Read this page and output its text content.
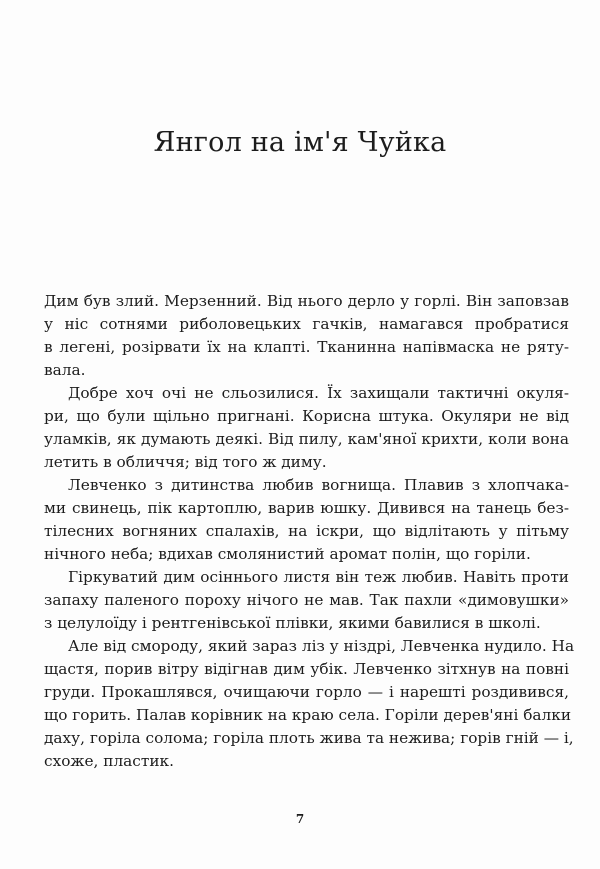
Янгол на ім'я Чуйка
Дим був злий. Мерзенний. Від нього дерло у горлі. Він заповзав
у ніс сотнями риболовецьких гачків, намагався пробратися
в легені, розірвати їх на клапті. Тканинна напівмаска не ряту-
вала.
Добре хоч очі не сльозилися. Їх захищали тактичні окуля-
ри, що були щільно пригнані. Корисна штука. Окуляри не від
уламків, як думають деякі. Від пилу, кам'яної крихти, коли вона
летить в обличчя; від того ж диму.
Левченко з дитинства любив вогнища. Плавив з хлопчака-
ми свинець, пік картоплю, варив юшку. Дивився на танець без-
тілесних вогняних спалахів, на іскри, що відлітають у пітьму
нічного неба; вдихав смолянистий аромат полін, що горіли.
Гіркуватий дим осіннього листя він теж любив. Навіть проти
запаху паленого пороху нічого не мав. Так пахли «димовушки»
з целулоїду і рентгенівської плівки, якими бавилися в школі.
Але від смороду, який зараз ліз у ніздрі, Левченка нудило. На
щастя, порив вітру відігнав дим убік. Левченко зітхнув на повні
груди. Прокашлявся, очищаючи горло — і нарешті роздивився,
що горить. Палав корівник на краю села. Горіли дерев'яні балки
даху, горіла солома; горіла плоть жива та нежива; горів гній — і,
схоже, пластик.
7
